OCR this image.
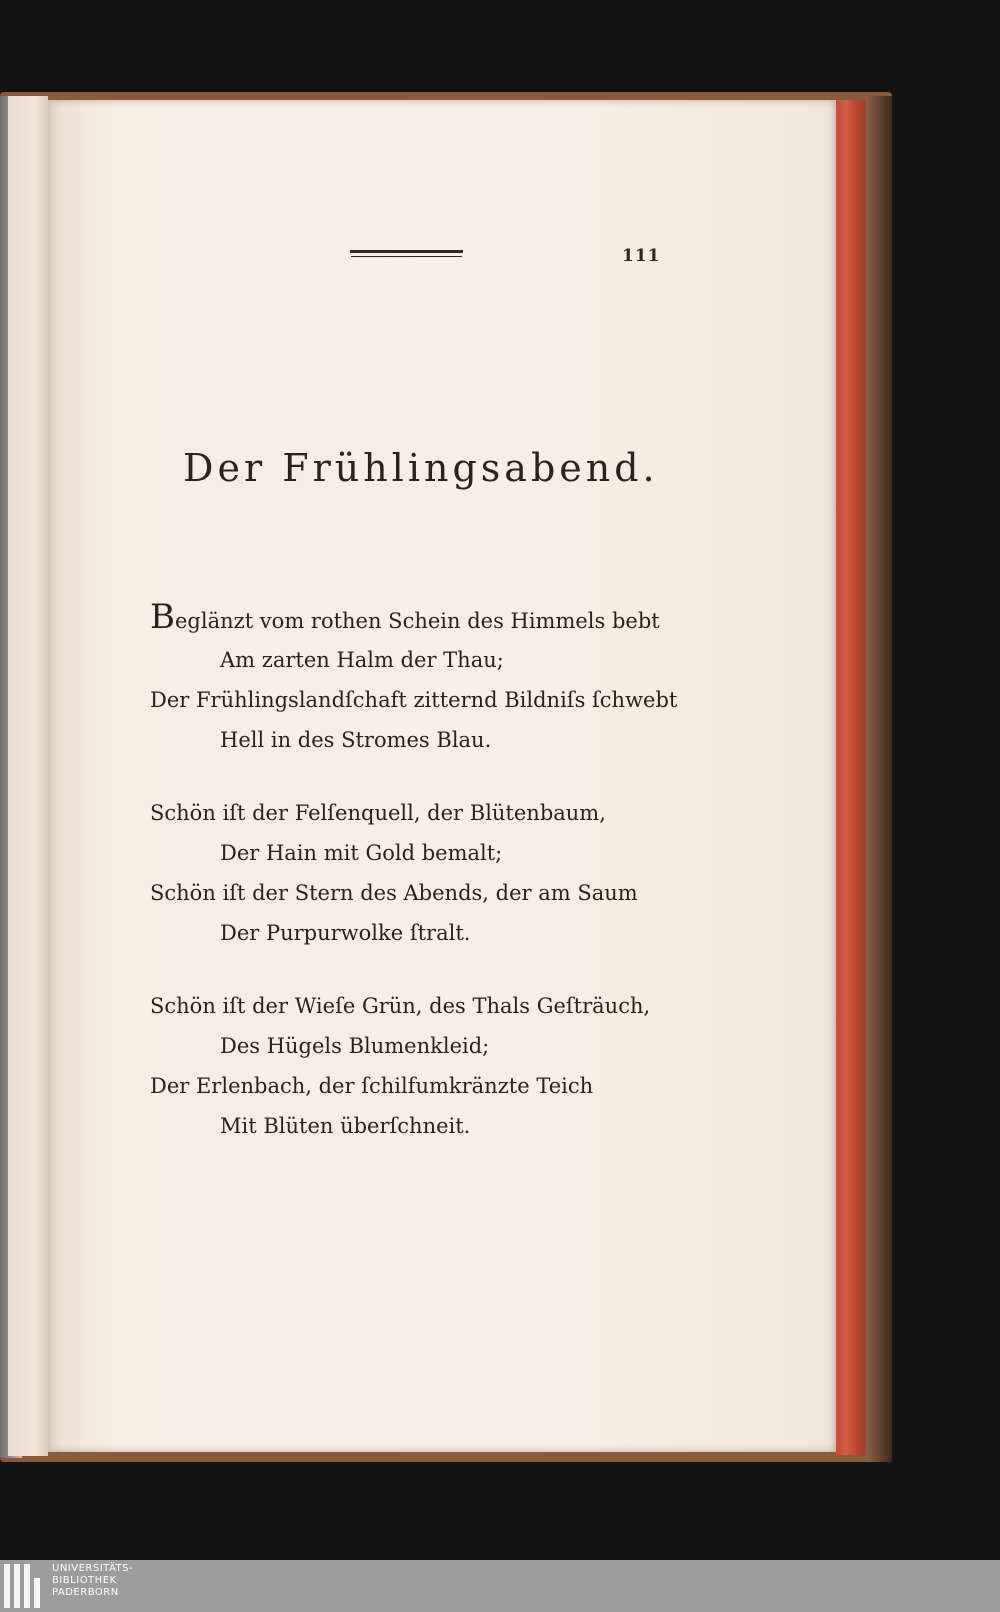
111
Der Frühlingsabend.
Beglänzt vom rothen Schein des Himmels bebt
Am zarten Halm der Thau;
Der Frühlingslandſchaft zitternd Bildniſs ſchwebt
Hell in des Stromes Blau.
Schön iſt der Felſenquell, der Blütenbaum,
Der Hain mit Gold bemalt;
Schön iſt der Stern des Abends, der am Saum
Der Purpurwolke ſtralt.
Schön iſt der Wieſe Grün, des Thals Geſträuch,
Des Hügels Blumenkleid;
Der Erlenbach, der ſchilfumkränzte Teich
Mit Blüten überſchneit.
UNIVERSITÄTS-
BIBLIOTHEK
PADERBORN
